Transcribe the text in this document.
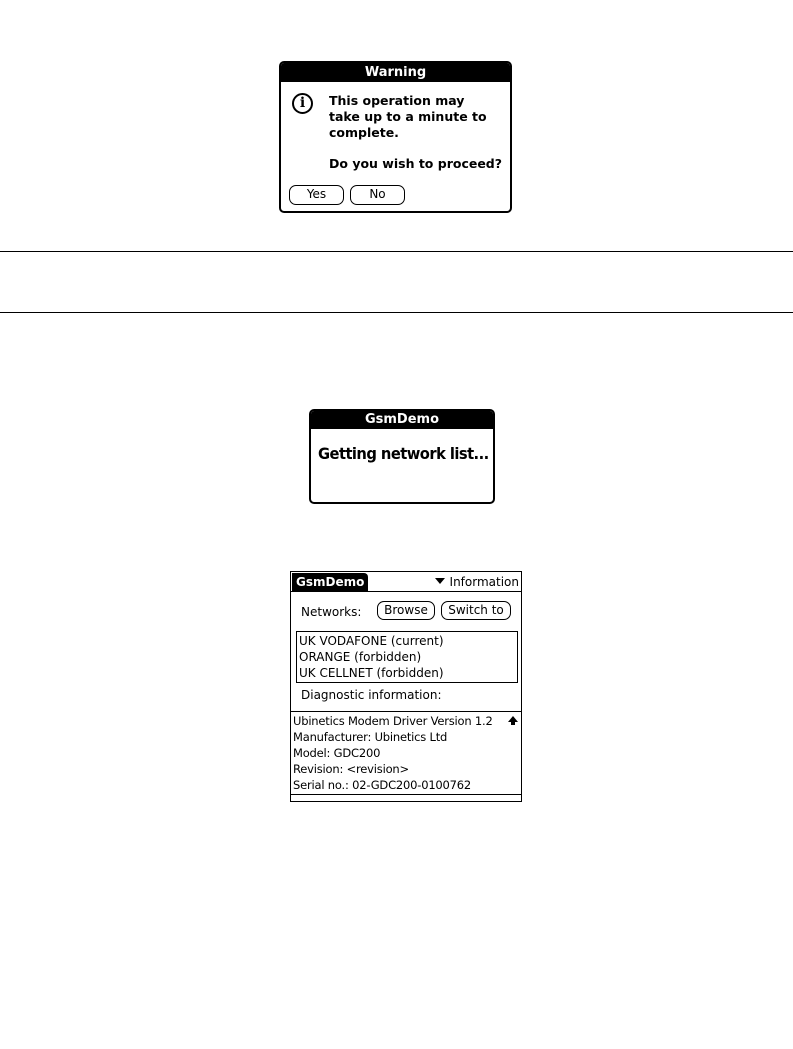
Warning
i	This operation may
take up to a minute to
complete.
Do you wish to proceed?
Yes	No
GsmDemo
Getting network list...
GsmDemo	Information
Networks:	Browse	Switch to
UK VODAFONE (current)
ORANGE (forbidden)
UK CELLNET (forbidden)
Diagnostic information:
Ubinetics Modem Driver Version 1.2
Manufacturer: Ubinetics Ltd
Model: GDC200
Revision: <revision>
Serial no.: 02-GDC200-0100762
